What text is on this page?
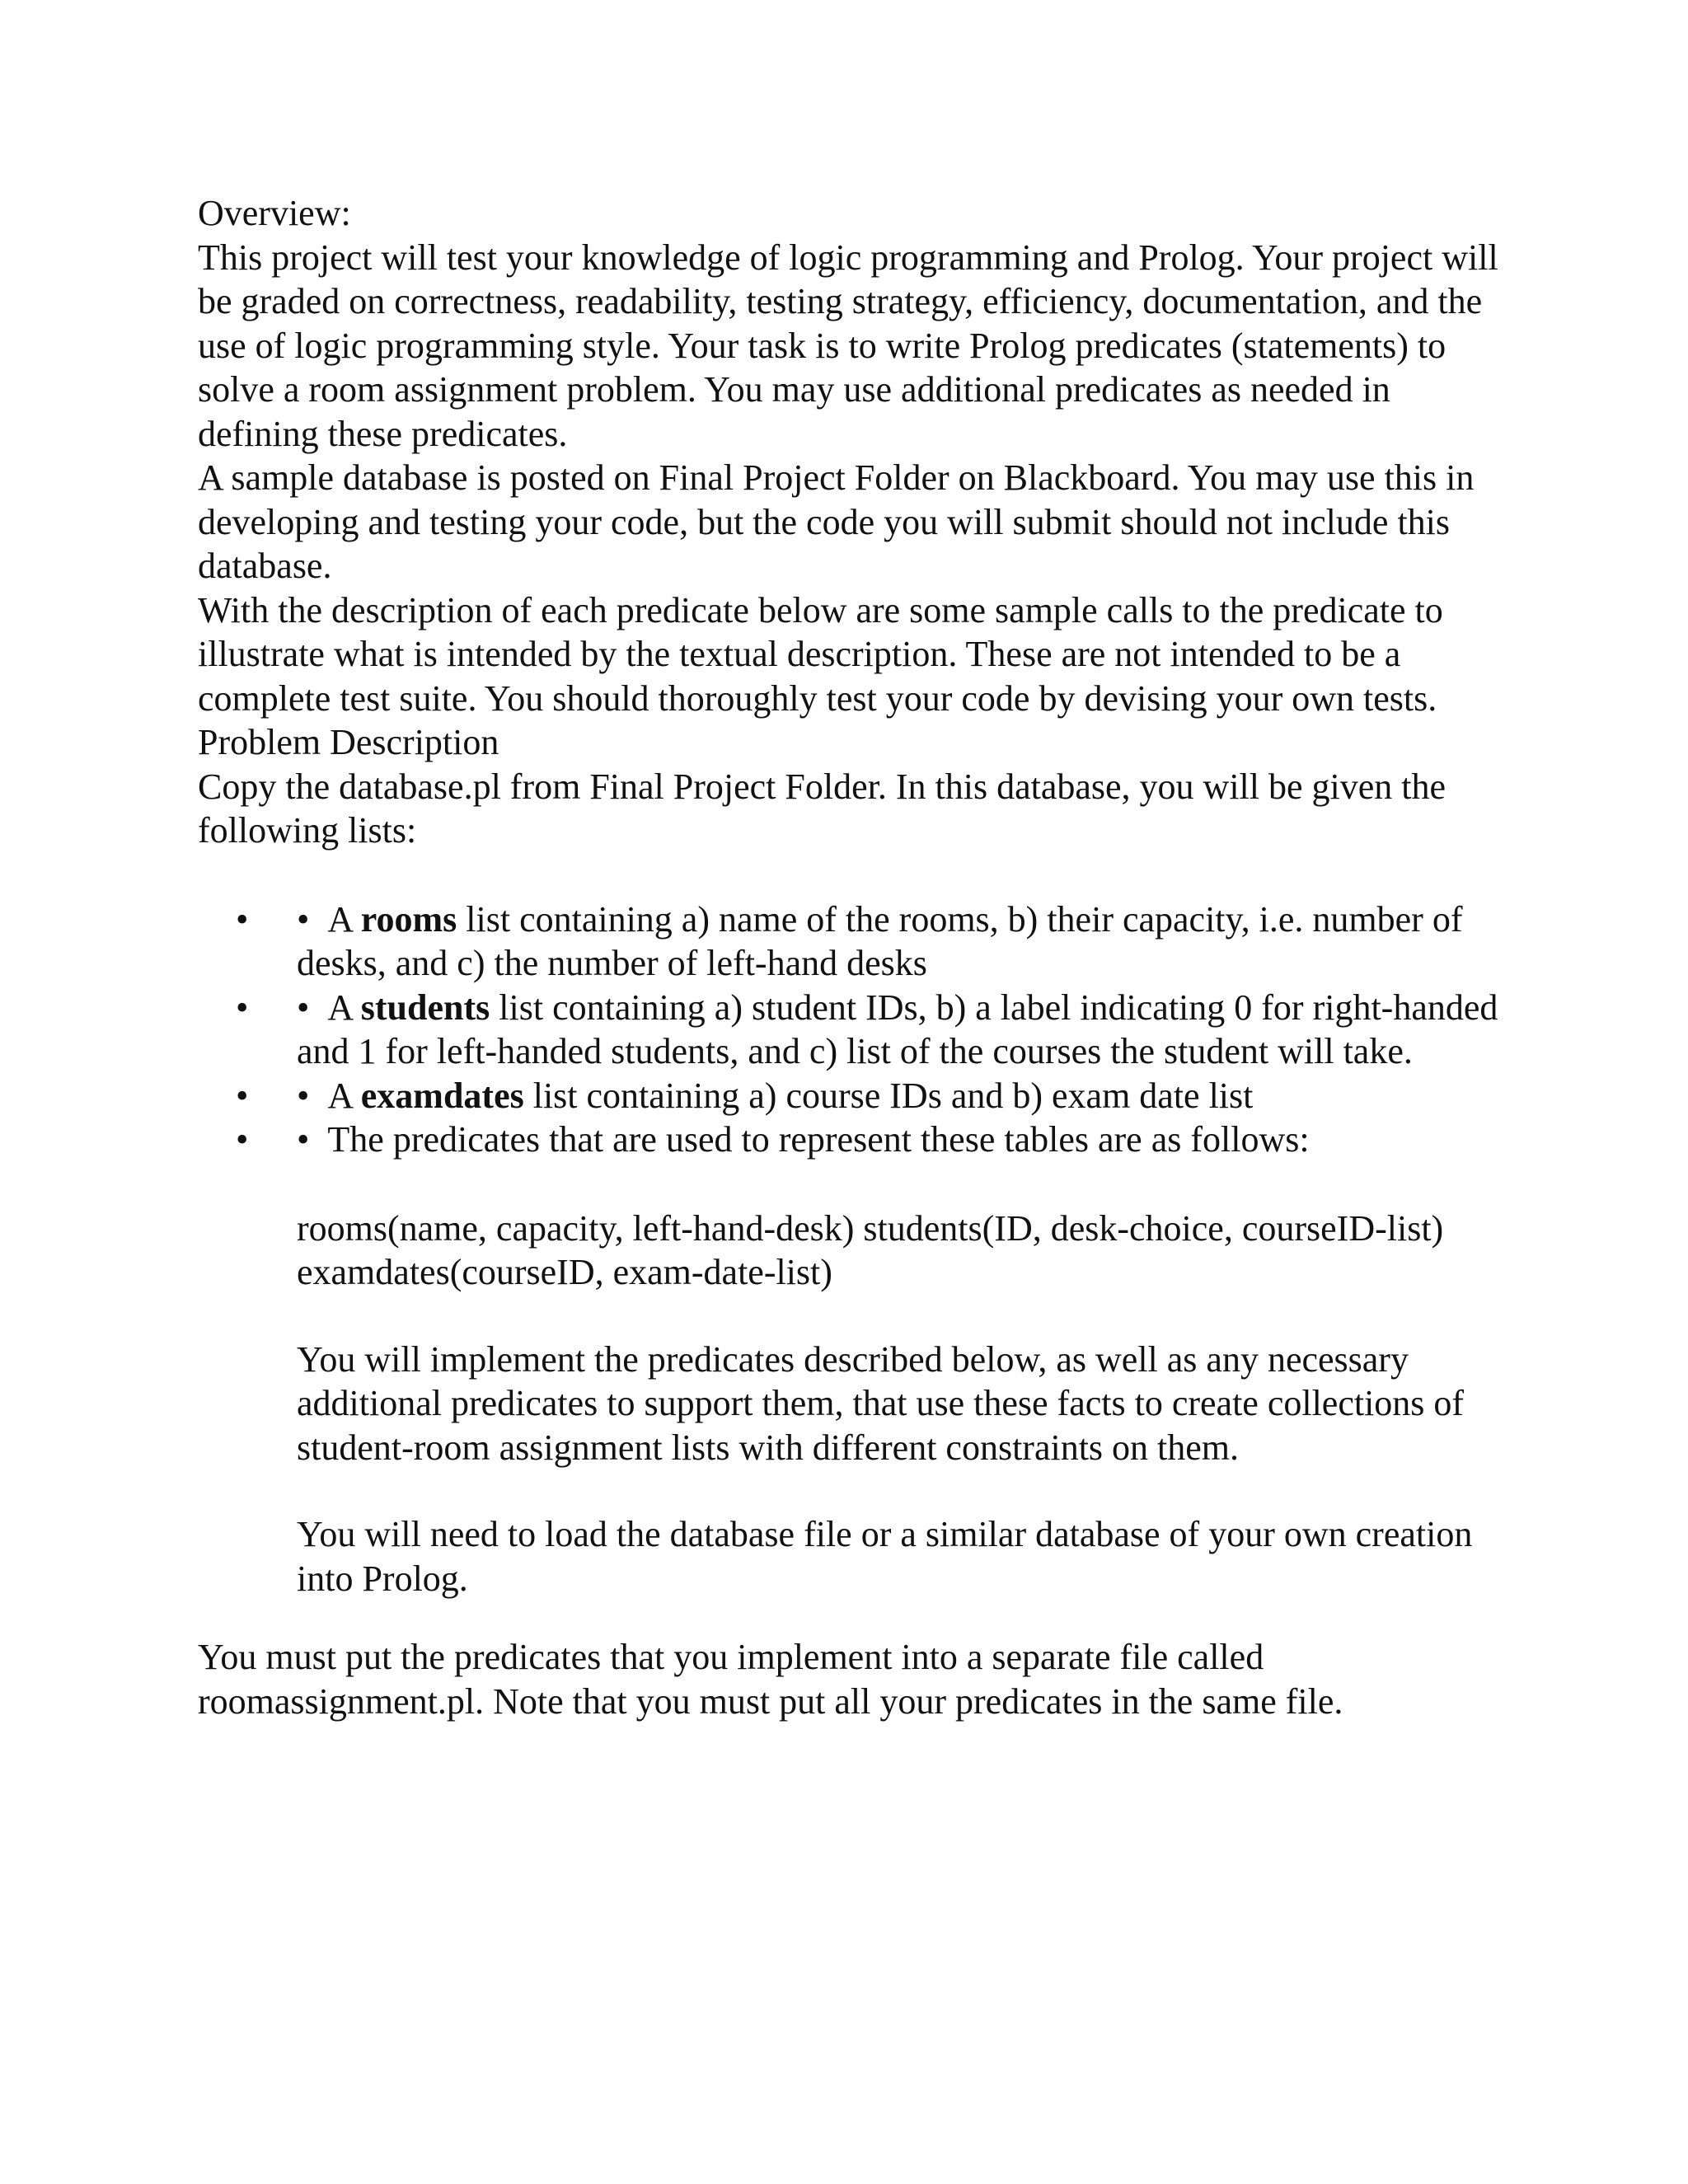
Overview:

This project will test your knowledge of logic programming and Prolog. Your project will be graded on correctness, readability, testing strategy, efficiency, documentation, and the use of logic programming style. Your task is to write Prolog predicates (statements) to solve a room assignment problem. You may use additional predicates as needed in defining these predicates.

A sample database is posted on Final Project Folder on Blackboard. You may use this in developing and testing your code, but the code you will submit should not include this database.

With the description of each predicate below are some sample calls to the predicate to illustrate what is intended by the textual description. These are not intended to be a complete test suite. You should thoroughly test your code by devising your own tests.

Problem Description

Copy the database.pl from Final Project Folder. In this database, you will be given the following lists:

• • A rooms list containing a) name of the rooms, b) their capacity, i.e. number of desks, and c) the number of left-hand desks
• • A students list containing a) student IDs, b) a label indicating 0 for right-handed and 1 for left-handed students, and c) list of the courses the student will take.
• • A examdates list containing a) course IDs and b) exam date list
• • The predicates that are used to represent these tables are as follows:

rooms(name, capacity, left-hand-desk) students(ID, desk-choice, courseID-list) examdates(courseID, exam-date-list)

You will implement the predicates described below, as well as any necessary additional predicates to support them, that use these facts to create collections of student-room assignment lists with different constraints on them.

You will need to load the database file or a similar database of your own creation into Prolog.

You must put the predicates that you implement into a separate file called roomassignment.pl. Note that you must put all your predicates in the same file.
